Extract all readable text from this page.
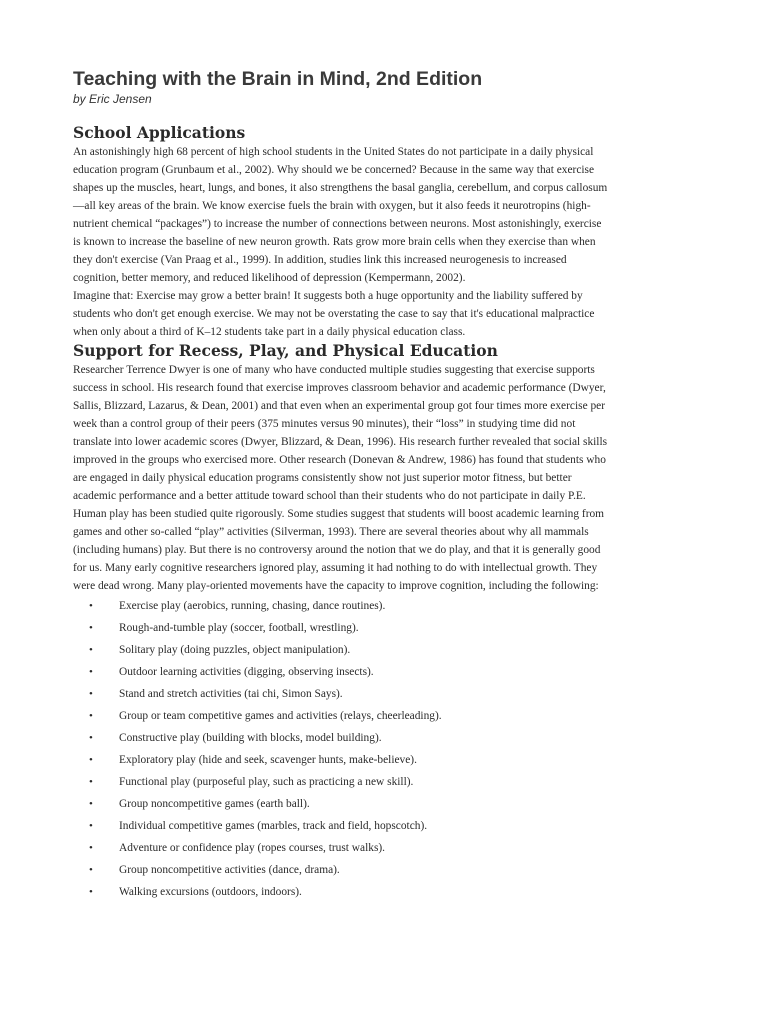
Teaching with the Brain in Mind, 2nd Edition
by Eric Jensen
School Applications

An astonishingly high 68 percent of high school students in the United States do not participate in a daily physical
education program (Grunbaum et al., 2002). Why should we be concerned? Because in the same way that exercise
shapes up the muscles, heart, lungs, and bones, it also strengthens the basal ganglia, cerebellum, and corpus callosum
—all key areas of the brain. We know exercise fuels the brain with oxygen, but it also feeds it neurotropins (high-
nutrient chemical “packages”) to increase the number of connections between neurons. Most astonishingly, exercise
is known to increase the baseline of new neuron growth. Rats grow more brain cells when they exercise than when
they don't exercise (Van Praag et al., 1999). In addition, studies link this increased neurogenesis to increased
cognition, better memory, and reduced likelihood of depression (Kempermann, 2002).

Imagine that: Exercise may grow a better brain! It suggests both a huge opportunity and the liability suffered by
students who don't get enough exercise. We may not be overstating the case to say that it's educational malpractice
when only about a third of K–12 students take part in a daily physical education class.

Support for Recess, Play, and Physical Education

Researcher Terrence Dwyer is one of many who have conducted multiple studies suggesting that exercise supports
success in school. His research found that exercise improves classroom behavior and academic performance (Dwyer,
Sallis, Blizzard, Lazarus, & Dean, 2001) and that even when an experimental group got four times more exercise per
week than a control group of their peers (375 minutes versus 90 minutes), their “loss” in studying time did not
translate into lower academic scores (Dwyer, Blizzard, & Dean, 1996). His research further revealed that social skills
improved in the groups who exercised more. Other research (Donevan & Andrew, 1986) has found that students who
are engaged in daily physical education programs consistently show not just superior motor fitness, but better
academic performance and a better attitude toward school than their students who do not participate in daily P.E.

Human play has been studied quite rigorously. Some studies suggest that students will boost academic learning from
games and other so-called “play” activities (Silverman, 1993). There are several theories about why all mammals
(including humans) play. But there is no controversy around the notion that we do play, and that it is generally good
for us. Many early cognitive researchers ignored play, assuming it had nothing to do with intellectual growth. They
were dead wrong. Many play-oriented movements have the capacity to improve cognition, including the following:

• Exercise play (aerobics, running, chasing, dance routines).
• Rough-and-tumble play (soccer, football, wrestling).
• Solitary play (doing puzzles, object manipulation).
• Outdoor learning activities (digging, observing insects).
• Stand and stretch activities (tai chi, Simon Says).
• Group or team competitive games and activities (relays, cheerleading).
• Constructive play (building with blocks, model building).
• Exploratory play (hide and seek, scavenger hunts, make-believe).
• Functional play (purposeful play, such as practicing a new skill).
• Group noncompetitive games (earth ball).
• Individual competitive games (marbles, track and field, hopscotch).
• Adventure or confidence play (ropes courses, trust walks).
• Group noncompetitive activities (dance, drama).
• Walking excursions (outdoors, indoors).
